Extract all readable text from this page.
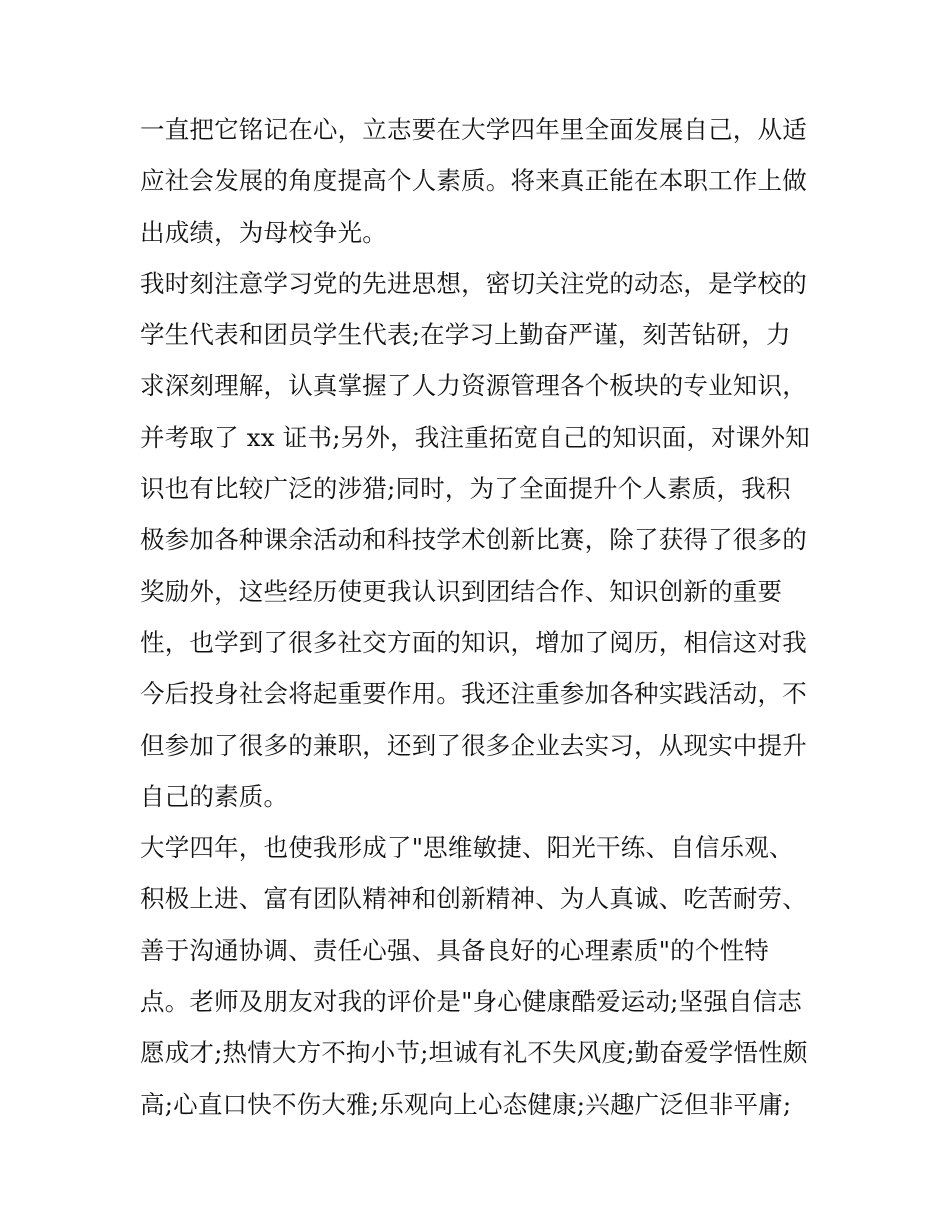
一直把它铭记在心，立志要在大学四年里全面发展自己，从适
应社会发展的角度提高个人素质。将来真正能在本职工作上做
出成绩，为母校争光。
我时刻注意学习党的先进思想，密切关注党的动态，是学校的
学生代表和团员学生代表;在学习上勤奋严谨，刻苦钻研，力
求深刻理解，认真掌握了人力资源管理各个板块的专业知识，
并考取了 xx 证书;另外，我注重拓宽自己的知识面，对课外知
识也有比较广泛的涉猎;同时，为了全面提升个人素质，我积
极参加各种课余活动和科技学术创新比赛，除了获得了很多的
奖励外，这些经历使更我认识到团结合作、知识创新的重要
性，也学到了很多社交方面的知识，增加了阅历，相信这对我
今后投身社会将起重要作用。我还注重参加各种实践活动，不
但参加了很多的兼职，还到了很多企业去实习，从现实中提升
自己的素质。
大学四年，也使我形成了"思维敏捷、阳光干练、自信乐观、
积极上进、富有团队精神和创新精神、为人真诚、吃苦耐劳、
善于沟通协调、责任心强、具备良好的心理素质"的个性特
点。老师及朋友对我的评价是"身心健康酷爱运动;坚强自信志
愿成才;热情大方不拘小节;坦诚有礼不失风度;勤奋爱学悟性颇
高;心直口快不伤大雅;乐观向上心态健康;兴趣广泛但非平庸;
